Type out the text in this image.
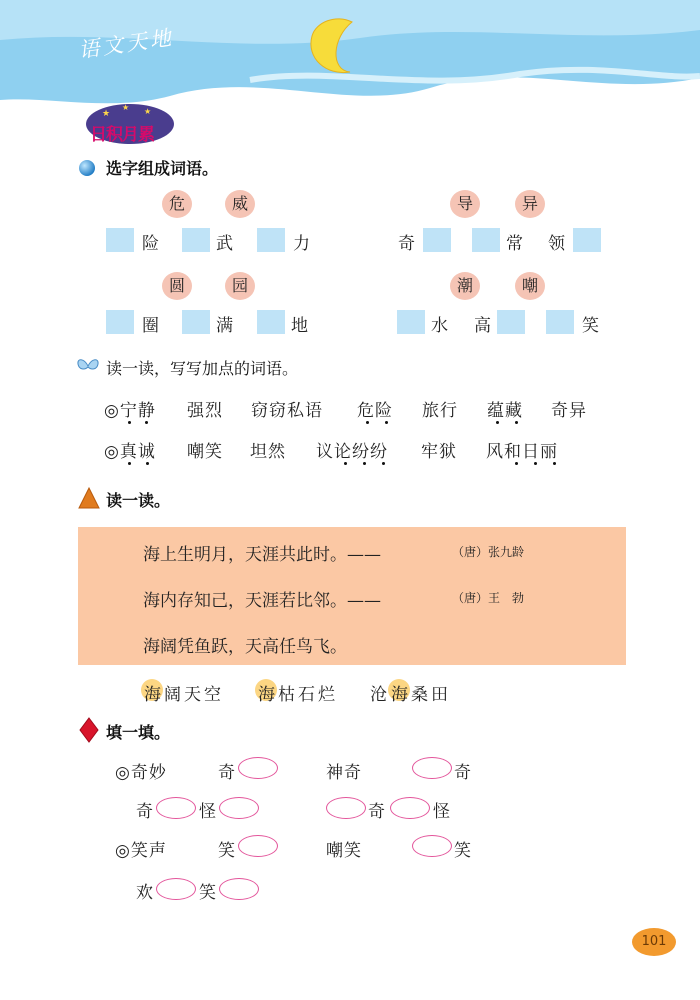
语文天地
★
★ ★
日积月累
选字组成词语。
危	威	导	异
险	武	力	奇	常 领
圆	园	潮	嘲
圈	满	地	水 高	笑
读一读，写写加点的词语。
◎宁静 强烈 窃窃私语 危险 旅行 蕴藏 奇异
◎真诚 嘲笑 坦然 议论纷纷 牢狱 风和日丽
读一读。
海上生明月，天涯共此时。——	（唐）张九龄
海内存知己，天涯若比邻。——	（唐）王　勃
海阔凭鱼跃，天高任鸟飞。
海 阔天空 海 枯石烂 沧 海 桑田
填一填。
◎奇妙	奇	神奇	奇
奇	怪	奇	怪
◎笑声	笑	嘲笑	笑
欢	笑
101
